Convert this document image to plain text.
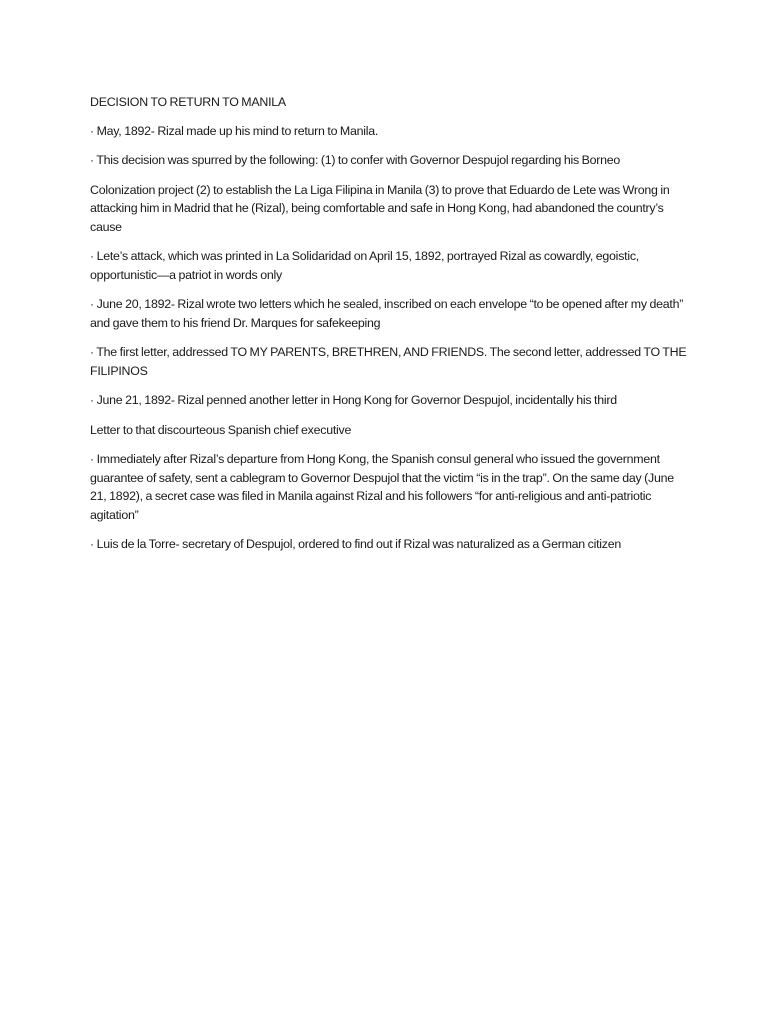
DECISION TO RETURN TO MANILA

· May, 1892- Rizal made up his mind to return to Manila.

· This decision was spurred by the following: (1) to confer with Governor Despujol regarding his Borneo

Colonization project (2) to establish the La Liga Filipina in Manila (3) to prove that Eduardo de Lete was Wrong in attacking him in Madrid that he (Rizal), being comfortable and safe in Hong Kong, had abandoned the country’s cause

· Lete’s attack, which was printed in La Solidaridad on April 15, 1892, portrayed Rizal as cowardly, egoistic, opportunistic—a patriot in words only

· June 20, 1892- Rizal wrote two letters which he sealed, inscribed on each envelope “to be opened after my death” and gave them to his friend Dr. Marques for safekeeping

· The first letter, addressed TO MY PARENTS, BRETHREN, AND FRIENDS. The second letter, addressed TO THE FILIPINOS

· June 21, 1892- Rizal penned another letter in Hong Kong for Governor Despujol, incidentally his third

Letter to that discourteous Spanish chief executive

· Immediately after Rizal’s departure from Hong Kong, the Spanish consul general who issued the government guarantee of safety, sent a cablegram to Governor Despujol that the victim “is in the trap”. On the same day (June 21, 1892), a secret case was filed in Manila against Rizal and his followers “for anti-religious and anti-patriotic agitation”

· Luis de la Torre- secretary of Despujol, ordered to find out if Rizal was naturalized as a German citizen
